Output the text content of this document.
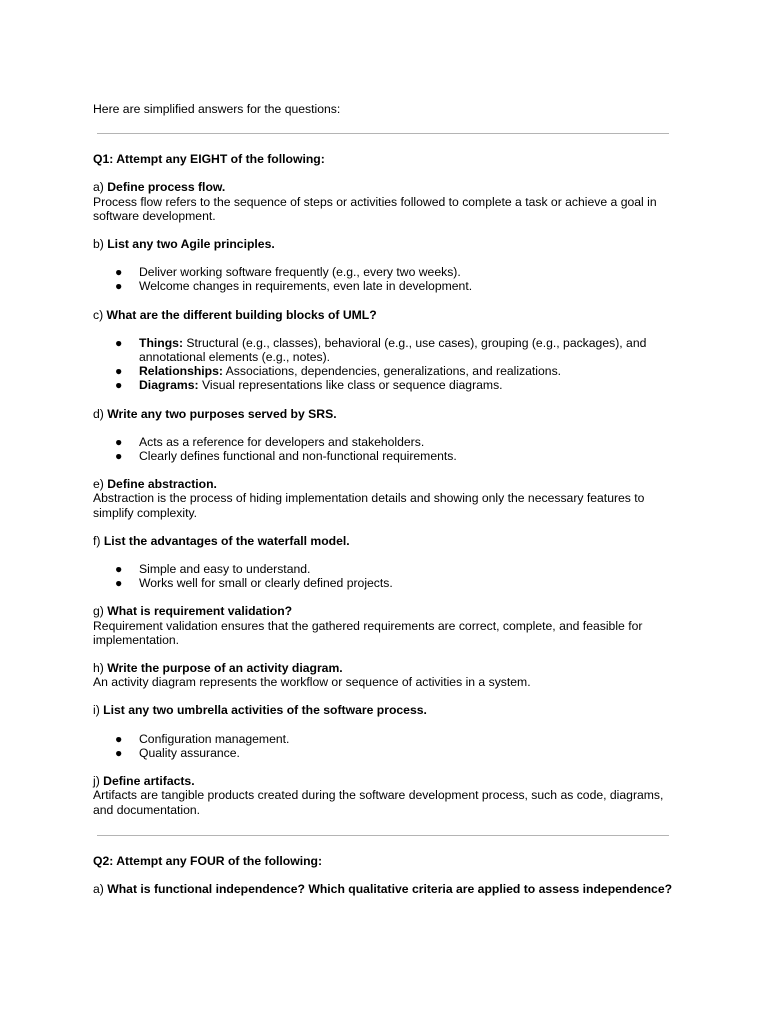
Here are simplified answers for the questions:

Q1: Attempt any EIGHT of the following:

a) Define process flow.

Process flow refers to the sequence of steps or activities followed to complete a task or achieve a goal in software development.

b) List any two Agile principles.

● Deliver working software frequently (e.g., every two weeks).
● Welcome changes in requirements, even late in development.

c) What are the different building blocks of UML?

● Things: Structural (e.g., classes), behavioral (e.g., use cases), grouping (e.g., packages), and annotational elements (e.g., notes).
● Relationships: Associations, dependencies, generalizations, and realizations.
● Diagrams: Visual representations like class or sequence diagrams.

d) Write any two purposes served by SRS.

● Acts as a reference for developers and stakeholders.
● Clearly defines functional and non-functional requirements.

e) Define abstraction.

Abstraction is the process of hiding implementation details and showing only the necessary features to simplify complexity.

f) List the advantages of the waterfall model.

● Simple and easy to understand.
● Works well for small or clearly defined projects.

g) What is requirement validation?

Requirement validation ensures that the gathered requirements are correct, complete, and feasible for implementation.

h) Write the purpose of an activity diagram.

An activity diagram represents the workflow or sequence of activities in a system.

i) List any two umbrella activities of the software process.

● Configuration management.
● Quality assurance.

j) Define artifacts.

Artifacts are tangible products created during the software development process, such as code, diagrams, and documentation.

Q2: Attempt any FOUR of the following:

a) What is functional independence? Which qualitative criteria are applied to assess independence?
